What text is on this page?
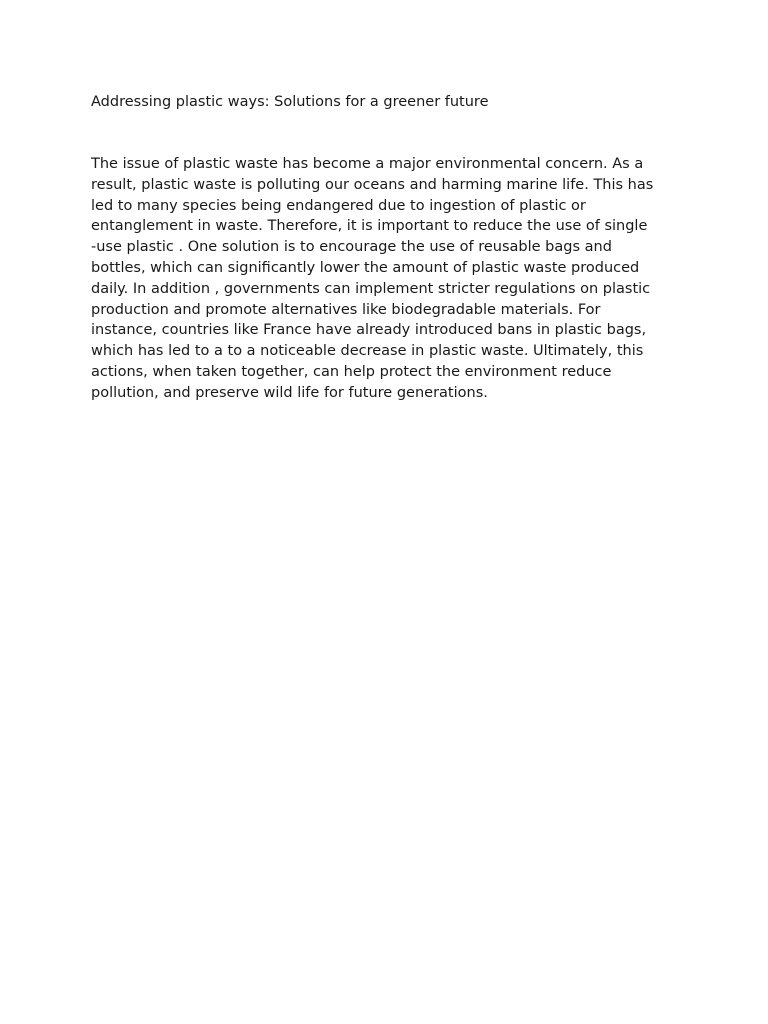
Addressing plastic ways: Solutions for a greener future

The issue of plastic waste has become a major environmental concern. As a
result, plastic waste is polluting our oceans and harming marine life. This has
led to many species being endangered due to ingestion of plastic or
entanglement in waste. Therefore, it is important to reduce the use of single
-use plastic . One solution is to encourage the use of reusable bags and
bottles, which can significantly lower the amount of plastic waste produced
daily. In addition , governments can implement stricter regulations on plastic
production and promote alternatives like biodegradable materials. For
instance, countries like France have already introduced bans in plastic bags,
which has led to a to a noticeable decrease in plastic waste. Ultimately, this
actions, when taken together, can help protect the environment reduce
pollution, and preserve wild life for future generations.
